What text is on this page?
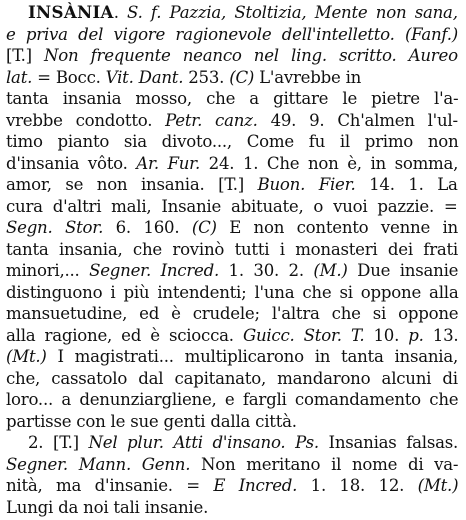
INSÀNIA. S. f. Pazzia, Stoltizia, Mente non sana,
e privа del vigore ragionevole dell'intelletto. (Fanf.)
[T.] Non frequente neanco nel ling. scritto. Aureo
lat. = Bocc. Vit. Dant. 253. (C) L'avrebbe in
tanta insania mosso, che a gittare le pietre l'a-
vrebbe condotto. Petr. canz. 49. 9. Ch'almen l'ul-
timo pianto sia divoto..., Come fu il primo non
d'insania vôto. Ar. Fur. 24. 1. Che non è, in somma,
amor, se non insania. [T.] Buon. Fier. 14. 1. La
cura d'altri mali, Insanie abituate, o vuoi pazzie. =
Segn. Stor. 6. 160. (C) E non contento venne in
tanta insania, che rovinò tutti i monasteri dei frati
minori,... Segner. Incred. 1. 30. 2. (M.) Due insanie
distinguono i più intendenti; l'una che si oppone alla
mansuetudine, ed è crudele; l'altra che si oppone
alla ragione, ed è sciocca. Guicc. Stor. T. 10. p. 13.
(Mt.) I magistrati... multiplicarono in tanta insania,
che, cassatolo dal capitanato, mandarono alcuni di
loro... a denunziargliene, e fargli comandamento che
partisse con le sue genti dalla città.
2. [T.] Nel plur. Atti d'insano. Ps. Insanias falsas.
Segner. Mann. Genn. Non meritano il nome di va-
nità, ma d'insanie. = E Incred. 1. 18. 12. (Mt.)
Lungi da noi tali insanie.
